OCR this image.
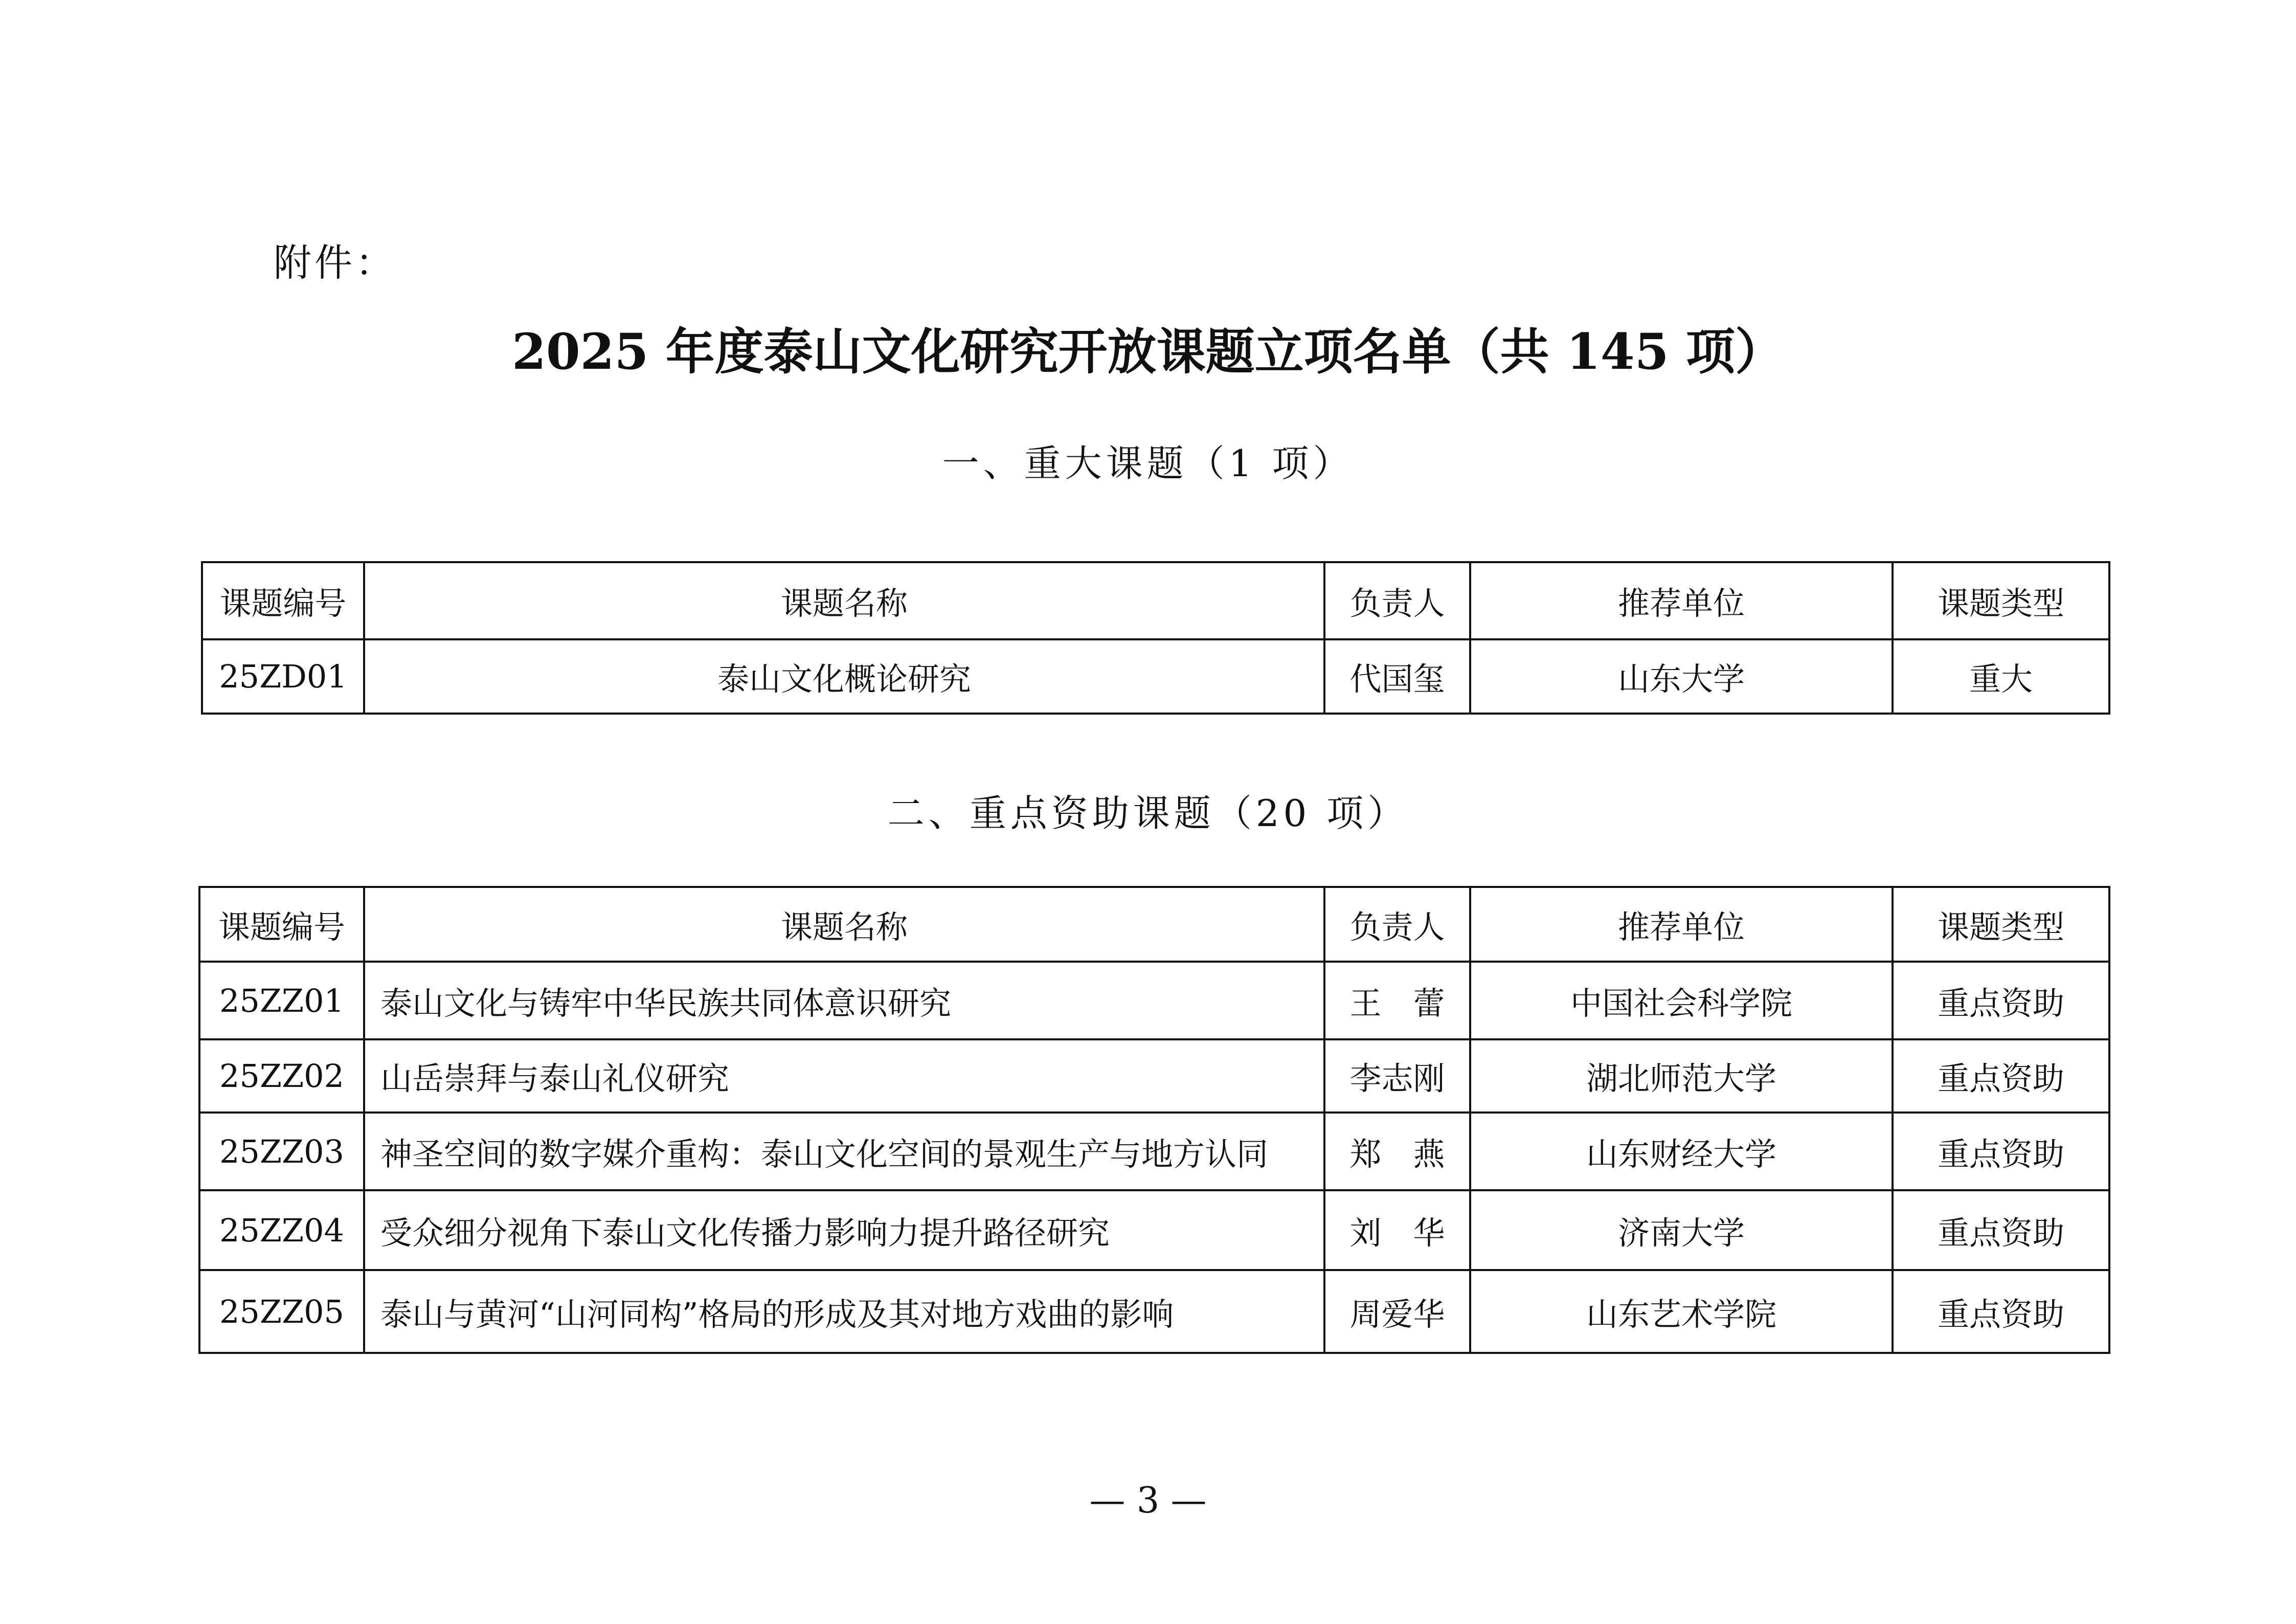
附件：
2025 年度泰山文化研究开放课题立项名单（共 145 项）
一、重大课题（1 项）
课题编号	课题名称	负责人	推荐单位	课题类型
25ZD01	泰山文化概论研究	代国玺	山东大学	重大
二、重点资助课题（20 项）
课题编号	课题名称	负责人	推荐单位	课题类型
25ZZ01	泰山文化与铸牢中华民族共同体意识研究	王　蕾	中国社会科学院	重点资助
25ZZ02	山岳崇拜与泰山礼仪研究	李志刚	湖北师范大学	重点资助
25ZZ03	神圣空间的数字媒介重构：泰山文化空间的景观生产与地方认同	郑　燕	山东财经大学	重点资助
25ZZ04	受众细分视角下泰山文化传播力影响力提升路径研究	刘　华	济南大学	重点资助
25ZZ05	泰山与黄河“山河同构”格局的形成及其对地方戏曲的影响	周爱华	山东艺术学院	重点资助
— 3 —
